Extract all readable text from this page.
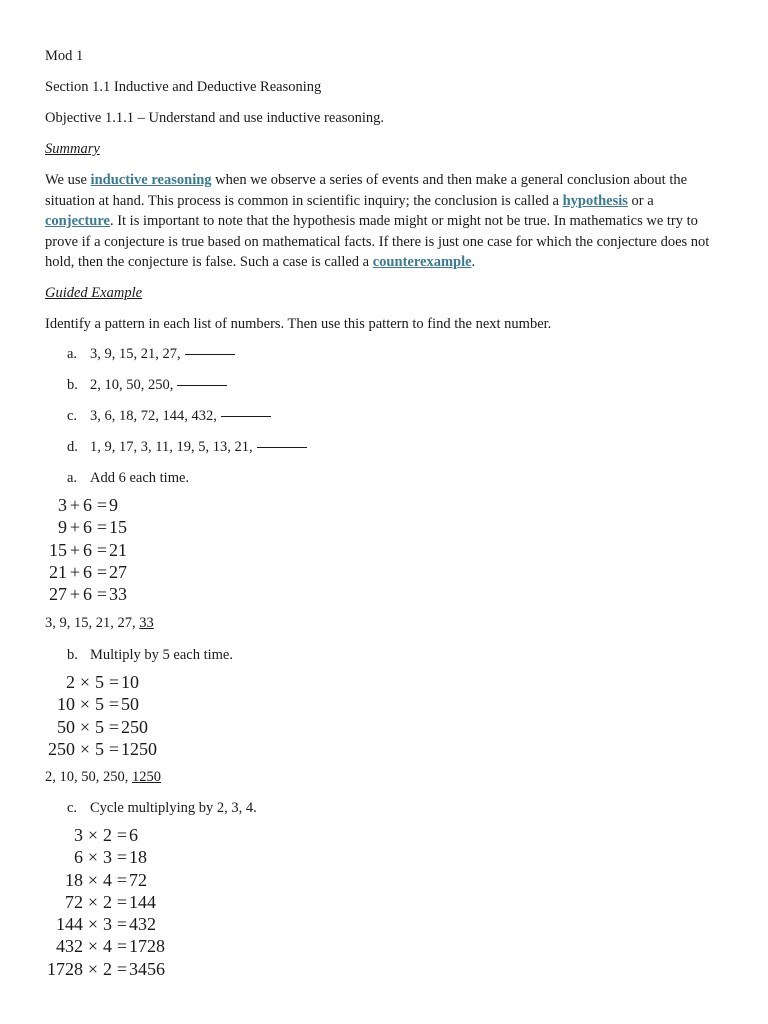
Mod 1
Section 1.1 Inductive and Deductive Reasoning
Objective 1.1.1 – Understand and use inductive reasoning.
Summary
We use inductive reasoning when we observe a series of events and then make a general conclusion about the situation at hand. This process is common in scientific inquiry; the conclusion is called a hypothesis or a conjecture. It is important to note that the hypothesis made might or might not be true. In mathematics we try to prove if a conjecture is true based on mathematical facts. If there is just one case for which the conjecture does not hold, then the conjecture is false. Such a case is called a counterexample.
Guided Example
Identify a pattern in each list of numbers. Then use this pattern to find the next number.
a. 3, 9, 15, 21, 27,
b. 2, 10, 50, 250,
c. 3, 6, 18, 72, 144, 432,
d. 1, 9, 17, 3, 11, 19, 5, 13, 21,
a. Add 6 each time.
3 + 6 = 9
9 + 6 = 15
15 + 6 = 21
21 + 6 = 27
27 + 6 = 33
3, 9, 15, 21, 27, 33
b. Multiply by 5 each time.
2 × 5 = 10
10 × 5 = 50
50 × 5 = 250
250 × 5 = 1250
2, 10, 50, 250, 1250
c. Cycle multiplying by 2, 3, 4.
3 × 2 = 6
6 × 3 = 18
18 × 4 = 72
72 × 2 = 144
144 × 3 = 432
432 × 4 = 1728
1728 × 2 = 3456
